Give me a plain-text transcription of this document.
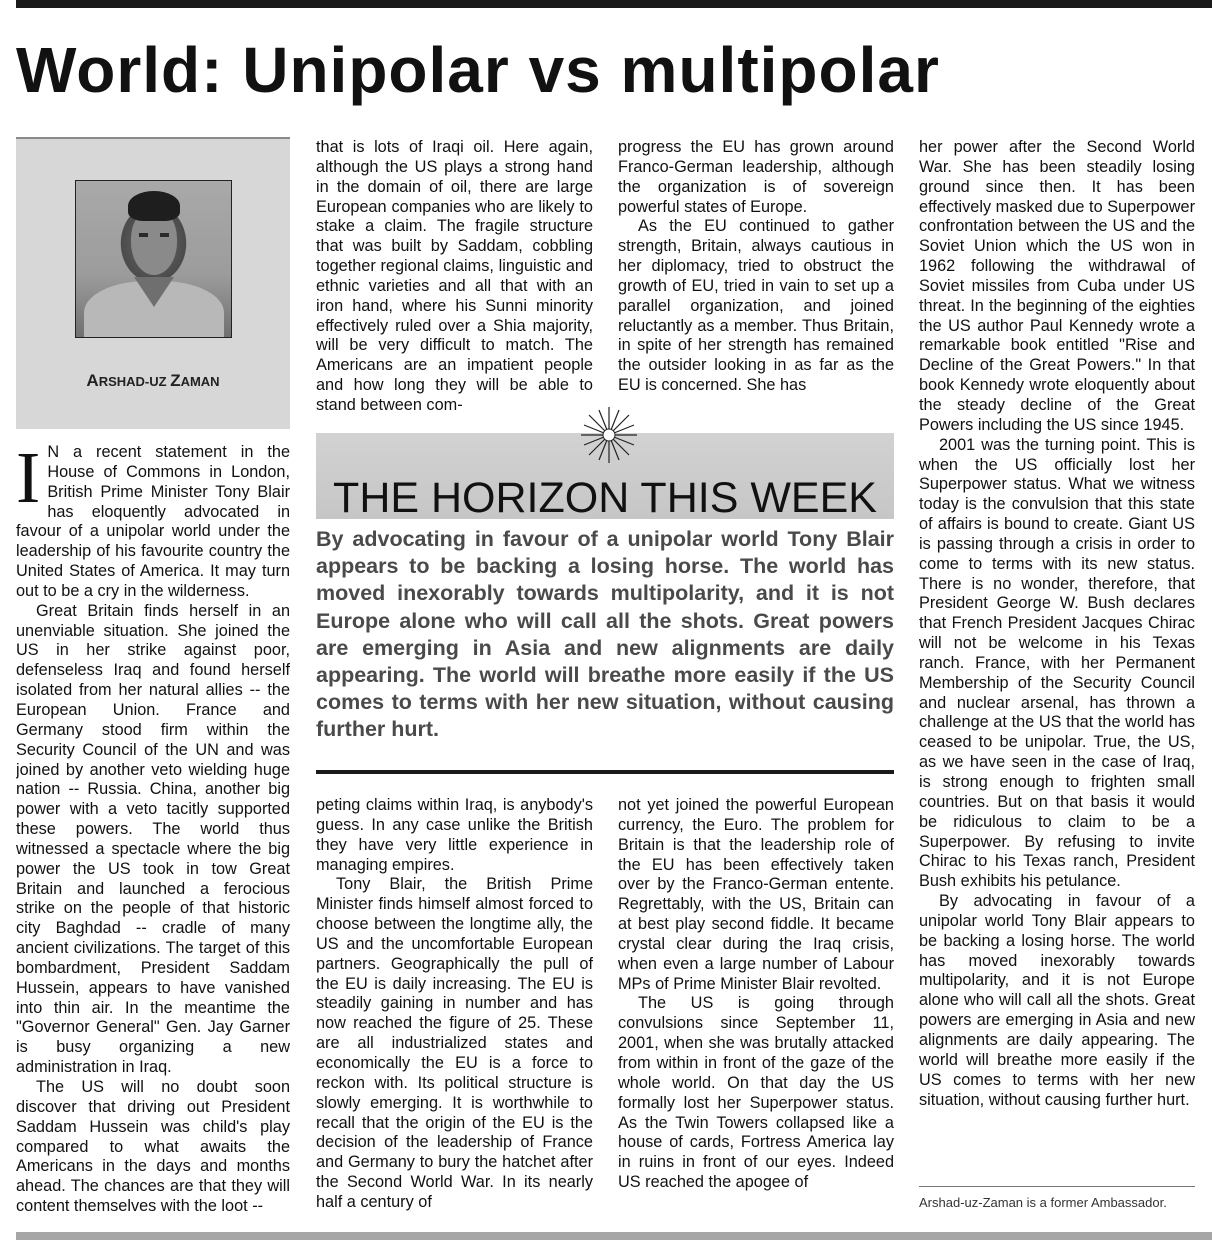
World: Unipolar vs multipolar
ARSHAD-UZ ZAMAN

I N a recent statement in the House of Commons in London, British Prime Minister Tony Blair has eloquently advocated in favour of a unipolar world under the leadership of his favourite country the United States of America. It may turn out to be a cry in the wilderness.

Great Britain finds herself in an unenviable situation. She joined the US in her strike against poor, defenseless Iraq and found herself isolated from her natural allies -- the European Union. France and Germany stood firm within the Security Council of the UN and was joined by another veto wielding huge nation -- Russia. China, another big power with a veto tacitly supported these powers. The world thus witnessed a spectacle where the big power the US took in tow Great Britain and launched a ferocious strike on the people of that historic city Baghdad -- cradle of many ancient civilizations. The target of this bombardment, President Saddam Hussein, appears to have vanished into thin air. In the meantime the "Governor General" Gen. Jay Garner is busy organizing a new administration in Iraq.

The US will no doubt soon discover that driving out President Saddam Hussein was child's play compared to what awaits the Americans in the days and months ahead. The chances are that they will content themselves with the loot --

that is lots of Iraqi oil. Here again, although the US plays a strong hand in the domain of oil, there are large European companies who are likely to stake a claim. The fragile structure that was built by Saddam, cobbling together regional claims, linguistic and ethnic varieties and all that with an iron hand, where his Sunni minority effectively ruled over a Shia majority, will be very difficult to match. The Americans are an impatient people and how long they will be able to stand between com-

progress the EU has grown around Franco-German leadership, although the organization is of sovereign powerful states of Europe.

As the EU continued to gather strength, Britain, always cautious in her diplomacy, tried to obstruct the growth of EU, tried in vain to set up a parallel organization, and joined reluctantly as a member. Thus Britain, in spite of her strength has remained the outsider looking in as far as the EU is concerned. She has

THE HORIZON THIS WEEK

By advocating in favour of a unipolar world Tony Blair appears to be backing a losing horse. The world has moved inexorably towards multipolarity, and it is not Europe alone who will call all the shots. Great powers are emerging in Asia and new alignments are daily appearing. The world will breathe more easily if the US comes to terms with her new situation, without causing further hurt.

peting claims within Iraq, is anybody's guess. In any case unlike the British they have very little experience in managing empires.

Tony Blair, the British Prime Minister finds himself almost forced to choose between the longtime ally, the US and the uncomfortable European partners. Geographically the pull of the EU is daily increasing. The EU is steadily gaining in number and has now reached the figure of 25. These are all industrialized states and economically the EU is a force to reckon with. Its political structure is slowly emerging. It is worthwhile to recall that the origin of the EU is the decision of the leadership of France and Germany to bury the hatchet after the Second World War. In its nearly half a century of

not yet joined the powerful European currency, the Euro. The problem for Britain is that the leadership role of the EU has been effectively taken over by the Franco-German entente. Regrettably, with the US, Britain can at best play second fiddle. It became crystal clear during the Iraq crisis, when even a large number of Labour MPs of Prime Minister Blair revolted.

The US is going through convulsions since September 11, 2001, when she was brutally attacked from within in front of the gaze of the whole world. On that day the US formally lost her Superpower status. As the Twin Towers collapsed like a house of cards, Fortress America lay in ruins in front of our eyes. Indeed US reached the apogee of

her power after the Second World War. She has been steadily losing ground since then. It has been effectively masked due to Superpower confrontation between the US and the Soviet Union which the US won in 1962 following the withdrawal of Soviet missiles from Cuba under US threat. In the beginning of the eighties the US author Paul Kennedy wrote a remarkable book entitled "Rise and Decline of the Great Powers." In that book Kennedy wrote eloquently about the steady decline of the Great Powers including the US since 1945.

2001 was the turning point. This is when the US officially lost her Superpower status. What we witness today is the convulsion that this state of affairs is bound to create. Giant US is passing through a crisis in order to come to terms with its new status. There is no wonder, therefore, that President George W. Bush declares that French President Jacques Chirac will not be welcome in his Texas ranch. France, with her Permanent Membership of the Security Council and nuclear arsenal, has thrown a challenge at the US that the world has ceased to be unipolar. True, the US, as we have seen in the case of Iraq, is strong enough to frighten small countries. But on that basis it would be ridiculous to claim to be a Superpower. By refusing to invite Chirac to his Texas ranch, President Bush exhibits his petulance.

By advocating in favour of a unipolar world Tony Blair appears to be backing a losing horse. The world has moved inexorably towards multipolarity, and it is not Europe alone who will call all the shots. Great powers are emerging in Asia and new alignments are daily appearing. The world will breathe more easily if the US comes to terms with her new situation, without causing further hurt.

Arshad-uz-Zaman is a former Ambassador.
